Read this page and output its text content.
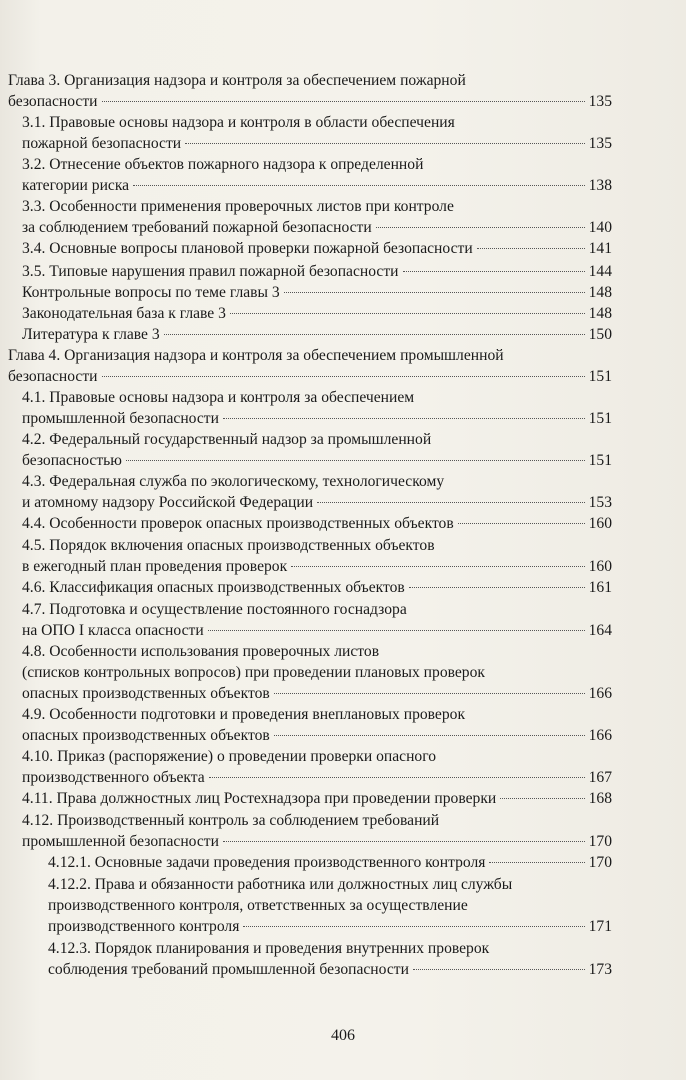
Глава 3. Организация надзора и контроля за обеспечением пожарной
безопасности	135
3.1. Правовые основы надзора и контроля в области обеспечения
пожарной безопасности	135
3.2. Отнесение объектов пожарного надзора к определенной
категории риска	138
3.3. Особенности применения проверочных листов при контроле
за соблюдением требований пожарной безопасности	140
3.4. Основные вопросы плановой проверки пожарной безопасности	141
3.5. Типовые нарушения правил пожарной безопасности	144
Контрольные вопросы по теме главы 3	148
Законодательная база к главе 3	148
Литература к главе 3	150
Глава 4. Организация надзора и контроля за обеспечением промышленной
безопасности	151
4.1. Правовые основы надзора и контроля за обеспечением
промышленной безопасности	151
4.2. Федеральный государственный надзор за промышленной
безопасностью	151
4.3. Федеральная служба по экологическому, технологическому
и атомному надзору Российской Федерации	153
4.4. Особенности проверок опасных производственных объектов	160
4.5. Порядок включения опасных производственных объектов
в ежегодный план проведения проверок	160
4.6. Классификация опасных производственных объектов	161
4.7. Подготовка и осуществление постоянного госнадзора
на ОПО I класса опасности	164
4.8. Особенности использования проверочных листов
(списков контрольных вопросов) при проведении плановых проверок
опасных производственных объектов	166
4.9. Особенности подготовки и проведения внеплановых проверок
опасных производственных объектов	166
4.10. Приказ (распоряжение) о проведении проверки опасного
производственного объекта	167
4.11. Права должностных лиц Ростехнадзора при проведении проверки	168
4.12. Производственный контроль за соблюдением требований
промышленной безопасности	170
4.12.1. Основные задачи проведения производственного контроля	170
4.12.2. Права и обязанности работника или должностных лиц службы
производственного контроля, ответственных за осуществление
производственного контроля	171
4.12.3. Порядок планирования и проведения внутренних проверок
соблюдения требований промышленной безопасности	173
406
